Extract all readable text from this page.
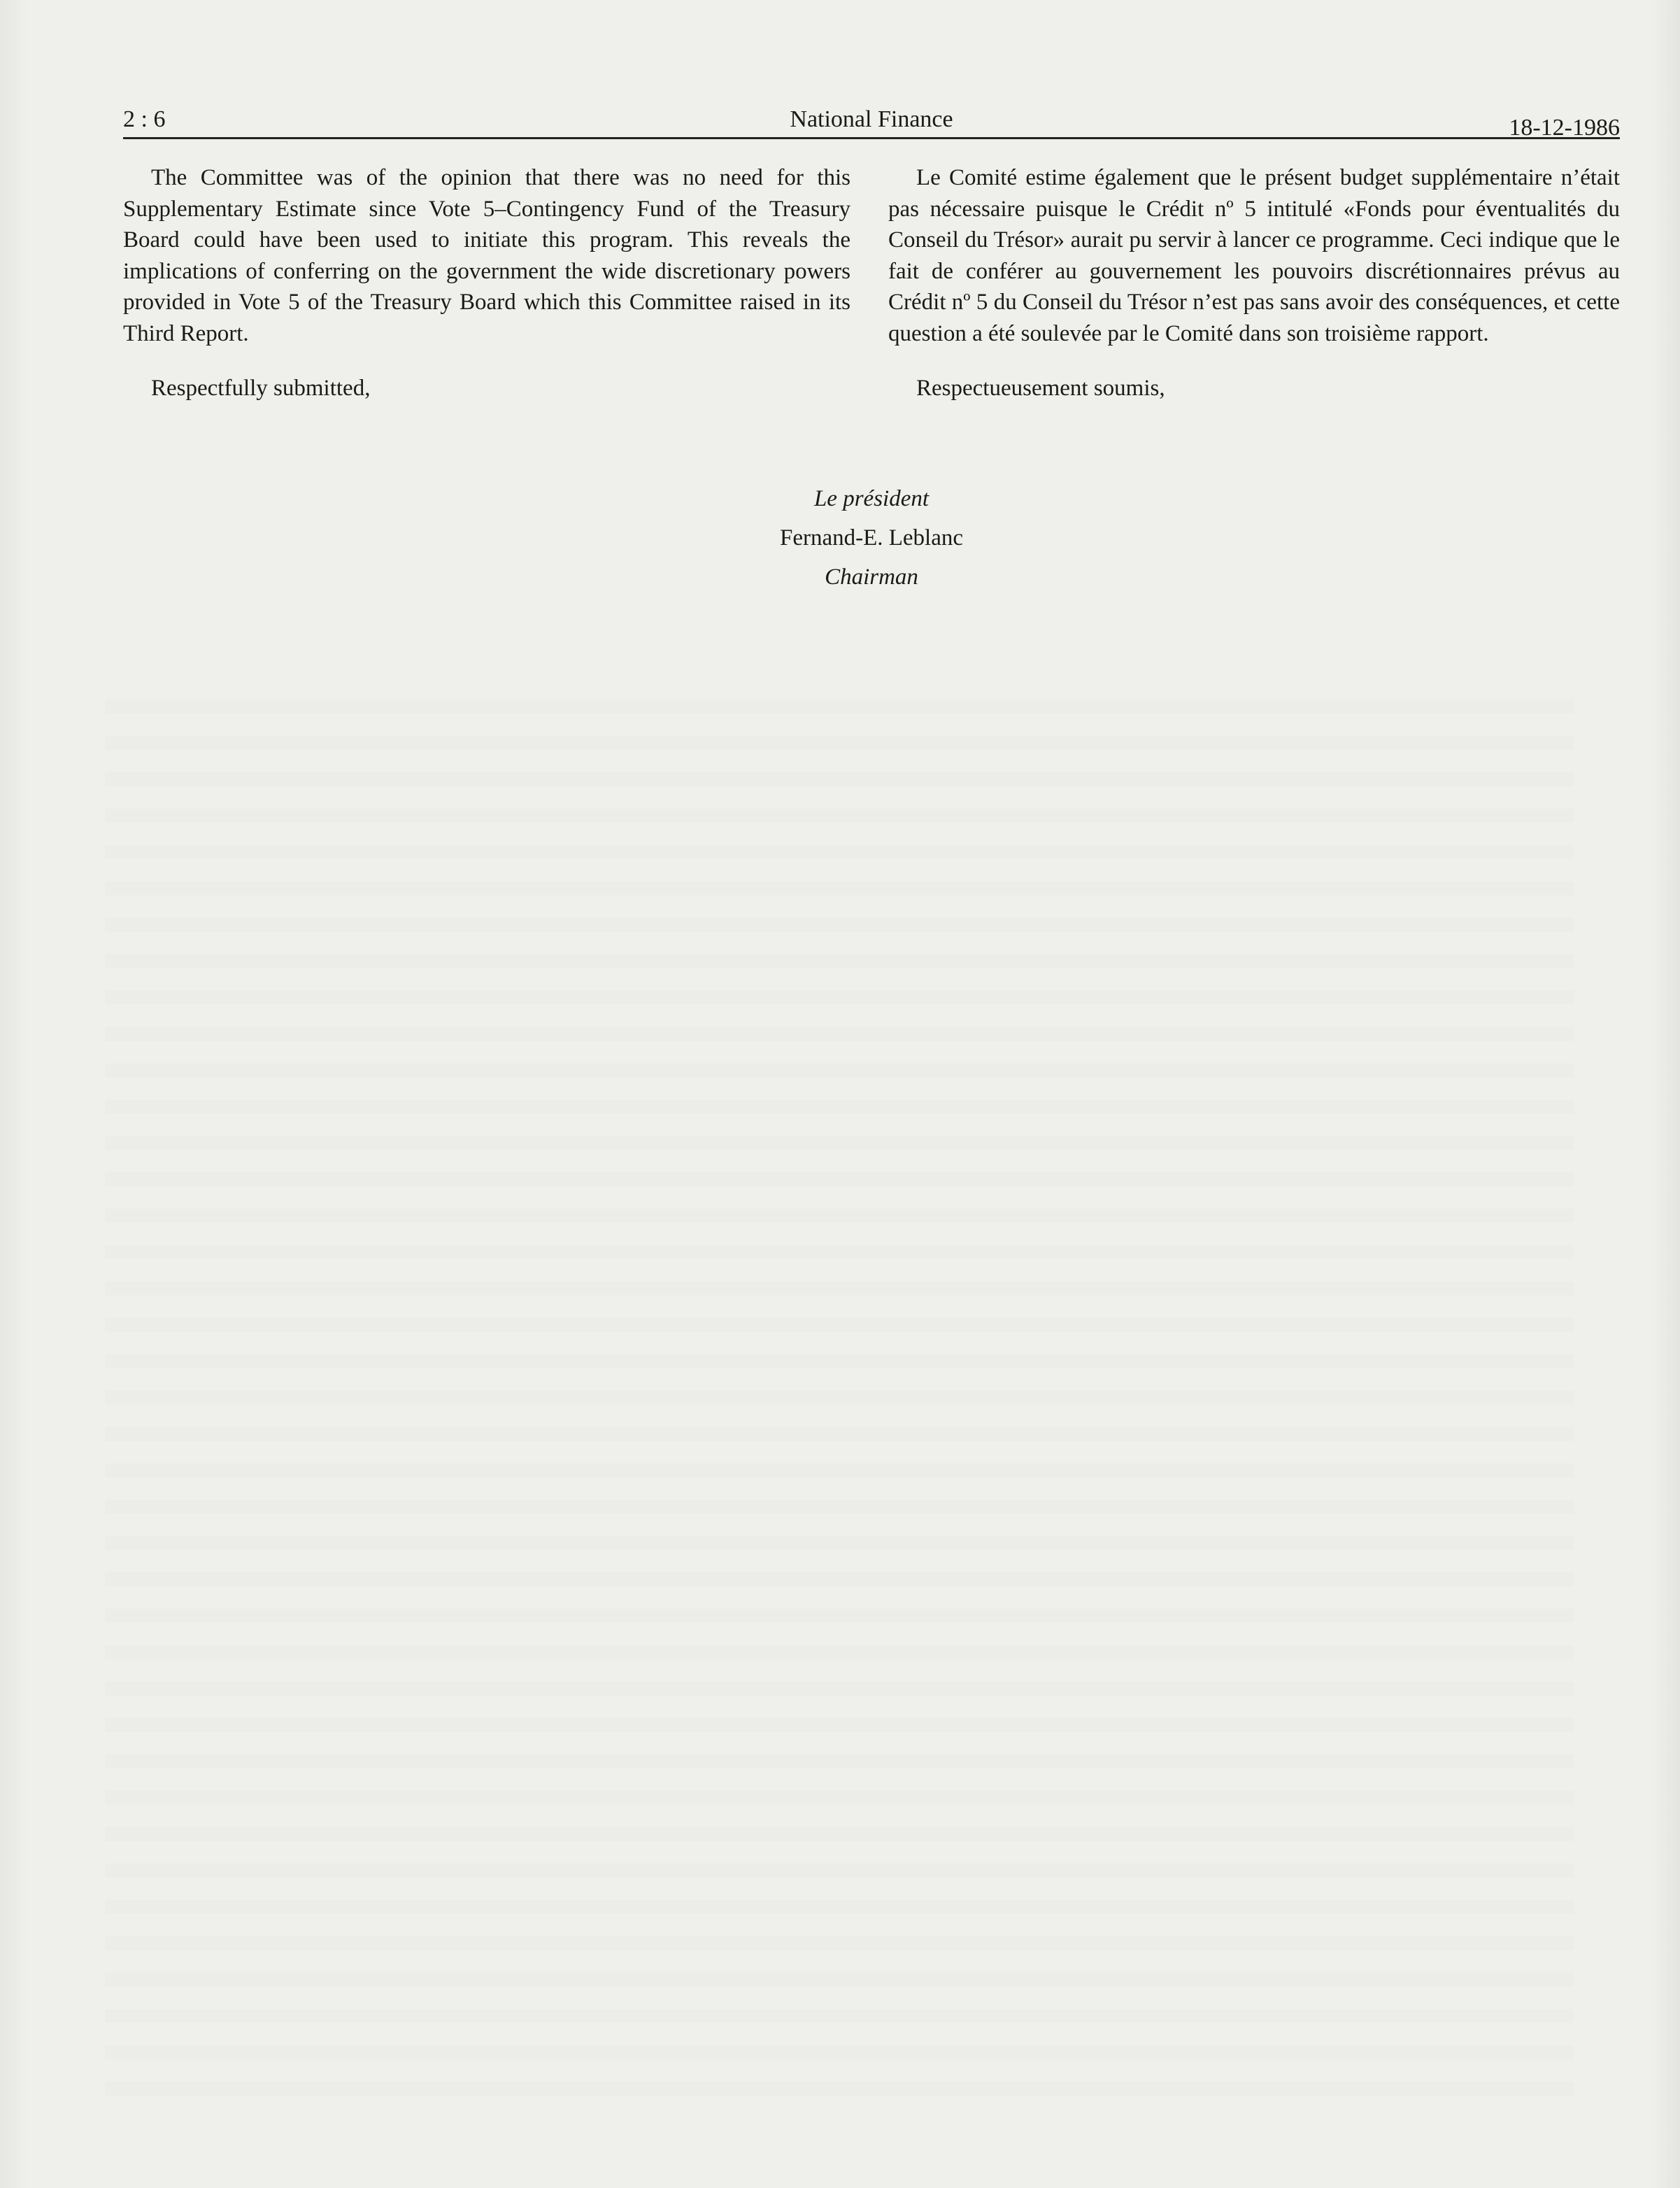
2 : 6	National Finance	18-12-1986

The Committee was of the opinion that there was no need for this Supplementary Estimate since Vote 5–Contingency Fund of the Treasury Board could have been used to initiate this program. This reveals the implications of conferring on the government the wide discretionary powers provided in Vote 5 of the Treasury Board which this Committee raised in its Third Report.

Respectfully submitted,

Le Comité estime également que le présent budget supplémentaire n’était pas nécessaire puisque le Crédit nº 5 intitulé «Fonds pour éventualités du Conseil du Trésor» aurait pu servir à lancer ce programme. Ceci indique que le fait de conférer au gouvernement les pouvoirs discrétionnaires prévus au Crédit nº 5 du Conseil du Trésor n’est pas sans avoir des conséquences, et cette question a été soulevée par le Comité dans son troisième rapport.

Respectueusement soumis,

Le président
Fernand-E. Leblanc
Chairman
